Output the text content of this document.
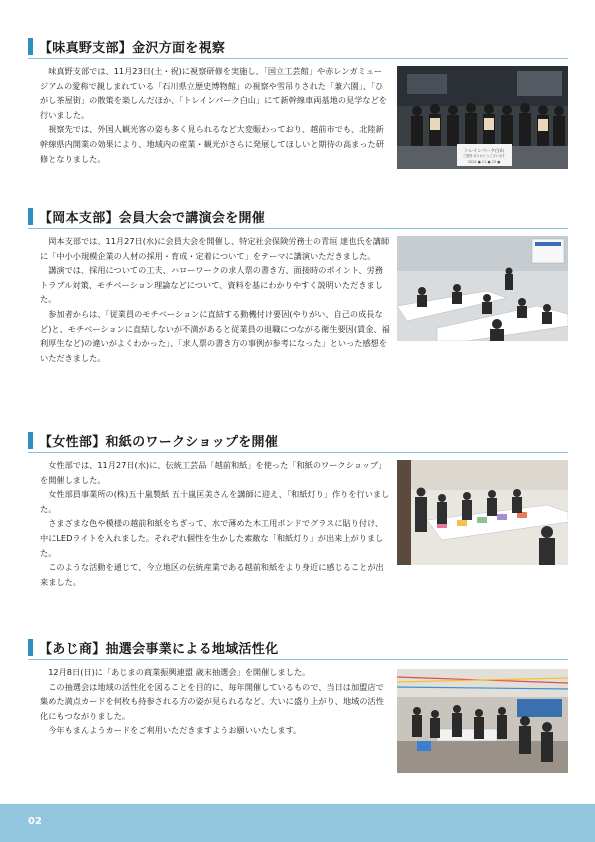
【味真野支部】金沢方面を視察

味真野支部では、11月23日(土・祝)に視察研修を実施し、「国立工芸館」や赤レンガミュージアムの愛称で親しまれている「石川県立歴史博物館」の視察や雪吊りされた「兼六園」、「ひがし茶屋街」の散策を楽しんだほか、「トレインパーク白山」にて新幹線車両基地の見学などを行いました。

視察先では、外国人観光客の姿も多く見られるなど大変賑わっており、越前市でも、北陸新幹線県内開業の効果により、地域内の産業・観光がさらに発展してほしいと期待の高まった研修となりました。

トレインパーク白山
ご視察 ありがとうございます
2024 ● 11 ● 23 ●
【岡本支部】会員大会で講演会を開催

岡本支部では、11月27日(水)に会員大会を開催し、特定社会保険労務士の青垣 達也氏を講師に「中小小規模企業の人材の採用・育成・定着について」をテーマに講演いただきました。

講演では、採用についての工夫、ハローワークの求人票の書き方、面接時のポイント、労務トラブル対策、モチベーション理論などについて、資料を基にわかりやすく説明いただきました。

参加者からは、「従業員のモチベーションに直結する動機付け要因(やりがい、自己の成長など)と、モチベーションに直結しないが不満があると従業員の退職につながる衛生要因(賃金、福利厚生など)の違いがよくわかった」、「求人票の書き方の事例が参考になった」といった感想をいただきました。

【女性部】和紙のワークショップを開催

女性部では、11月27日(水)に、伝統工芸品「越前和紙」を使った「和紙のワークショップ」を開催しました。

女性部員事業所の(株)五十嵐製紙 五十嵐匡美さんを講師に迎え、「和紙灯り」作りを行いました。

さまざまな色や模様の越前和紙をちぎって、水で薄めた木工用ボンドでグラスに貼り付け、中にLEDライトを入れました。それぞれ個性を生かした素敵な「和紙灯り」が出来上がりました。

このような活動を通じて、今立地区の伝統産業である越前和紙をより身近に感じることが出来ました。

【あじ商】抽選会事業による地域活性化

12月8日(日)に「あじまの商業振興連盟 歳末抽選会」を開催しました。

この抽選会は地域の活性化を図ることを目的に、毎年開催しているもので、当日は加盟店で集めた満点カードを何枚も持参される方の姿が見られるなど、大いに盛り上がり、地域の活性化にもつながりました。

今年もまんようカードをご利用いただきますようお願いいたします。

02
